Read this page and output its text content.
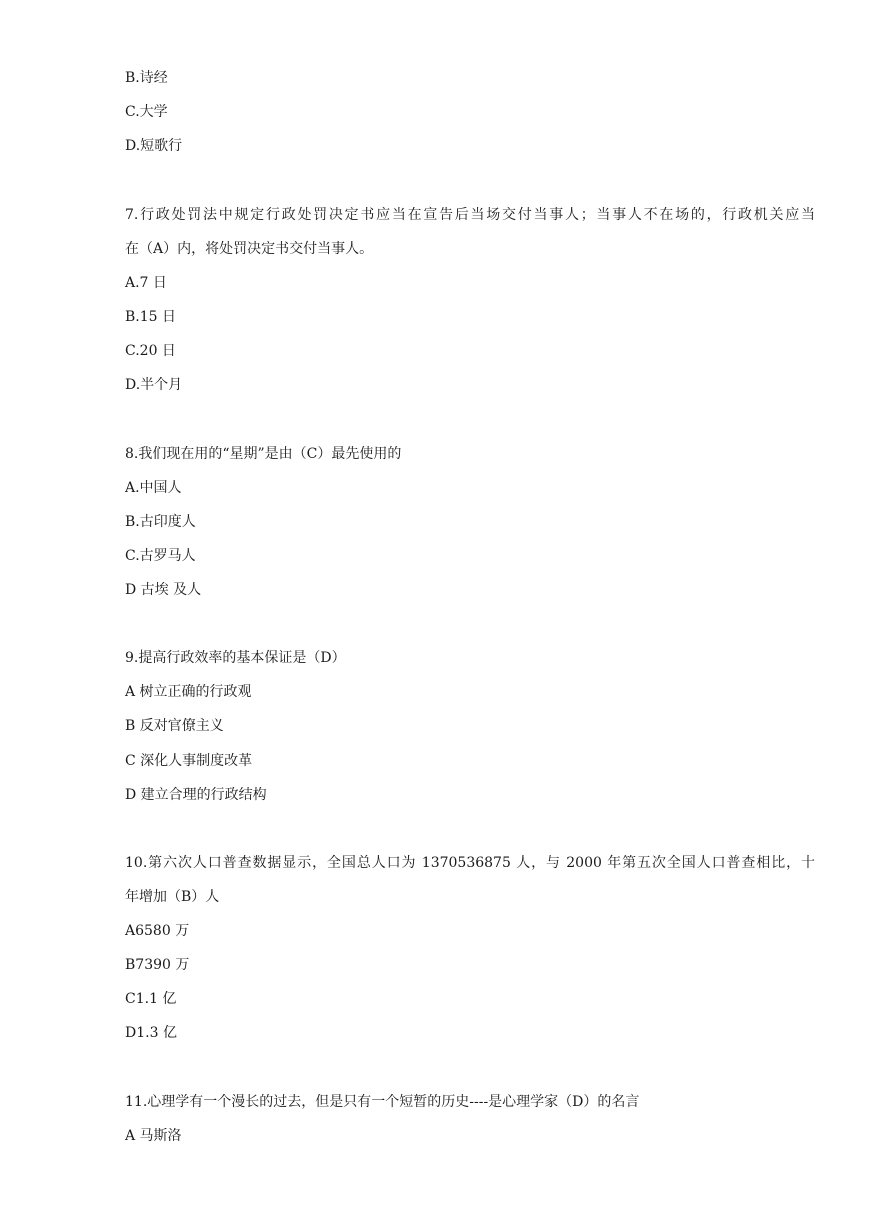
B.诗经
C.大学
D.短歌行
7.行政处罚法中规定行政处罚决定书应当在宣告后当场交付当事人；当事人不在场的，行政机关应当
在（A）内，将处罚决定书交付当事人。
A.7 日
B.15 日
C.20 日
D.半个月
8.我们现在用的“星期”是由（C）最先使用的
A.中国人
B.古印度人
C.古罗马人
D 古埃 及人
9.提高行政效率的基本保证是（D）
A 树立正确的行政观
B 反对官僚主义
C 深化人事制度改革
D 建立合理的行政结构
10.第六次人口普查数据显示，全国总人口为 1370536875 人，与 2000 年第五次全国人口普查相比，十
年增加（B）人
A6580 万
B7390 万
C1.1 亿
D1.3 亿
11.心理学有一个漫长的过去，但是只有一个短暂的历史----是心理学家（D）的名言
A 马斯洛
